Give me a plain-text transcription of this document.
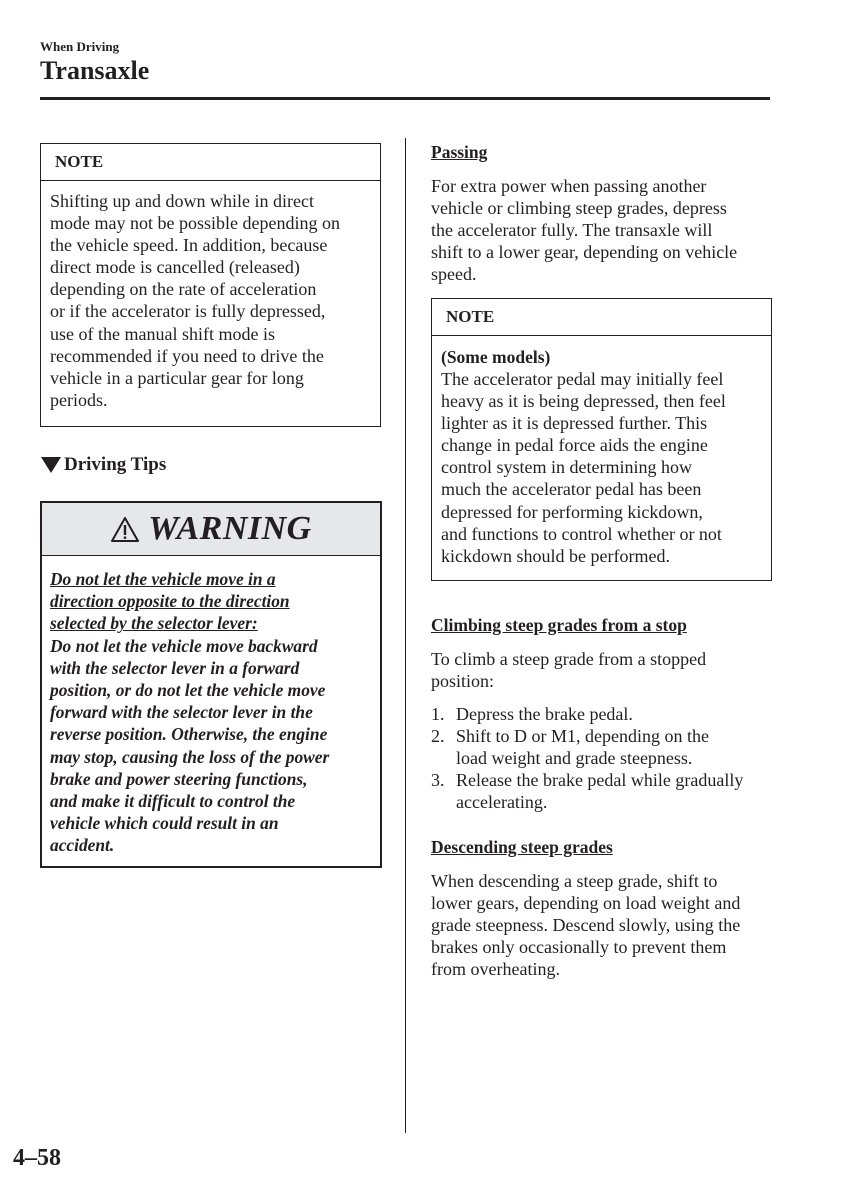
When Driving
Transaxle
NOTE
Shifting up and down while in direct
mode may not be possible depending on
the vehicle speed. In addition, because
direct mode is cancelled (released)
depending on the rate of acceleration
or if the accelerator is fully depressed,
use of the manual shift mode is
recommended if you need to drive the
vehicle in a particular gear for long
periods.
Driving Tips
WARNING
Do not let the vehicle move in a
direction opposite to the direction
selected by the selector lever:
Do not let the vehicle move backward
with the selector lever in a forward
position, or do not let the vehicle move
forward with the selector lever in the
reverse position. Otherwise, the engine
may stop, causing the loss of the power
brake and power steering functions,
and make it difficult to control the
vehicle which could result in an
accident.
Passing
For extra power when passing another
vehicle or climbing steep grades, depress
the accelerator fully. The transaxle will
shift to a lower gear, depending on vehicle
speed.
NOTE
(Some models)
The accelerator pedal may initially feel
heavy as it is being depressed, then feel
lighter as it is depressed further. This
change in pedal force aids the engine
control system in determining how
much the accelerator pedal has been
depressed for performing kickdown,
and functions to control whether or not
kickdown should be performed.
Climbing steep grades from a stop
To climb a steep grade from a stopped
position:
1. Depress the brake pedal.
2. Shift to D or M1, depending on the
load weight and grade steepness.
3. Release the brake pedal while gradually
accelerating.
Descending steep grades
When descending a steep grade, shift to
lower gears, depending on load weight and
grade steepness. Descend slowly, using the
brakes only occasionally to prevent them
from overheating.
4–58
